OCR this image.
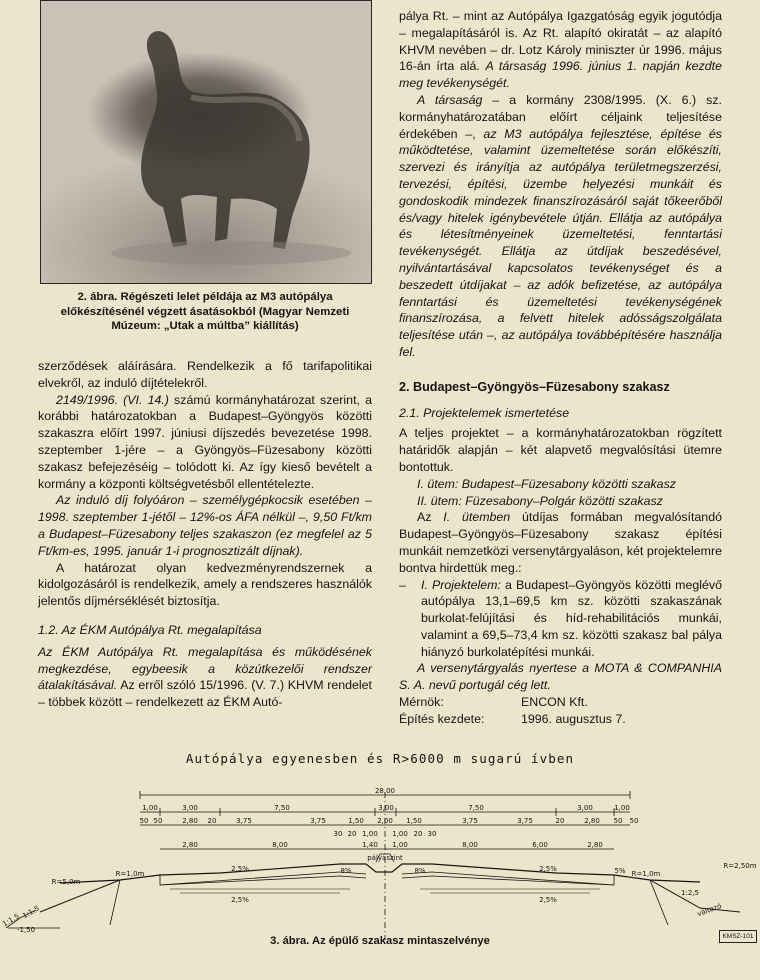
2. ábra. Régészeti lelet példája az M3 autópálya előkészítésénél végzett ásatásokból (Magyar Nemzeti Múzeum: „Utak a múltba” kiállítás)

szerződések aláírására. Rendelkezik a fő tarifapolitikai elvekről, az induló díjtételekről.

2149/1996. (VI. 14.) számú kormányhatározat szerint, a korábbi határozatokban a Budapest–Gyöngyös közötti szakaszra előírt 1997. júniusi díjszedés bevezetése 1998. szeptember 1-jére – a Gyöngyös–Füzesabony közötti szakasz befejezéséig – tolódott ki. Az így kieső bevételt a kormány a központi költségvetésből ellentételezte.

Az induló díj folyóáron – személygépkocsik esetében – 1998. szeptember 1-jétől – 12%-os ÁFA nélkül –, 9,50 Ft/km a Budapest–Füzesabony teljes szakaszon (ez megfelel az 5 Ft/km-es, 1995. január 1-i prognosztizált díjnak).

A határozat olyan kedvezményrendszernek a kidolgozásáról is rendelkezik, amely a rendszeres használók jelentős díjmérséklését biztosítja.

1.2. Az ÉKM Autópálya Rt. megalapítása

Az ÉKM Autópálya Rt. megalapítása és működésének megkezdése, egybeesik a közútkezelői rendszer átalakításával. Az erről szóló 15/1996. (V. 7.) KHVM rendelet – többek között – rendelkezett az ÉKM Autó-

pálya Rt. – mint az Autópálya Igazgatóság egyik jogutódja – megalapításáról is. Az Rt. alapító okiratát – az alapító KHVM nevében – dr. Lotz Károly miniszter úr 1996. május 16-án írta alá. A társaság 1996. június 1. napján kezdte meg tevékenységét.

A társaság – a kormány 2308/1995. (X. 6.) sz. kormányhatározatában előírt céljaink teljesítése érdekében –, az M3 autópálya fejlesztése, építése és működtetése, valamint üzemeltetése során előkészíti, szervezi és irányítja az autópálya területmegszerzési, tervezési, építési, üzembe helyezési munkáit és gondoskodik mindezek finanszírozásáról saját tőkeerőből és/vagy hitelek igénybevétele útján. Ellátja az autópálya és létesítményeinek üzemeltetési, fenntartási tevékenységét. Ellátja az útdíjak beszedésével, nyilvántartásával kapcsolatos tevékenységet és a beszedett útdíjakat – az adók befizetése, az autópálya fenntartási és üzemeltetési tevékenységének finanszírozása, a felvett hitelek adósságszolgálata teljesítése után –, az autópálya továbbépítésére használja fel.

2. Budapest–Gyöngyös–Füzesabony szakasz
2.1. Projektelemek ismertetése

A teljes projektet – a kormányhatározatokban rögzített határidők alapján – két alapvető megvalósítási ütemre bontottuk.

I. ütem: Budapest–Füzesabony közötti szakasz

II. ütem: Füzesabony–Polgár közötti szakasz

Az I. ütemben útdíjas formában megvalósítandó Budapest–Gyöngyös–Füzesabony szakasz építési munkáit nemzetközi versenytárgyaláson, két projektelemre bontva hirdettük meg.:

– I. Projektelem: a Budapest–Gyöngyös közötti meglévő autópálya 13,1–69,5 km sz. közötti szakaszának burkolat-felújítási és híd-rehabilitációs munkái, valamint a 69,5–73,4 km sz. közötti szakasz bal pálya hiányzó burkolatépítési munkái.

A versenytárgyalás nyertese a MOTA & COMPANHIA S. A. nevű portugál cég lett.

Mérnök:	ENCON Kft.
Építés kezdete:	1996. augusztus 7.
Autópálya egyenesben és R>6000 m sugarú ívben
28,00
1,00	3,00	7,50	3,00	7,50	3,00	1,00
50 50	2,80 20	3,75	3,75	1,50 2,00 1,50	3,75	3,75	20	2,80 50 50
30 20 1,00 1,00 20 30
2,80	8,00	1,40 1,00	8,00	6,00	2,80
pályaszint
2,5%
2,5%
8%	8%	2,5%	5%
2,5%
1:2,5
R=1,0m
R=5,0m
R=1,0m
R=2,50m
1:1,5
1:1,5
-1,50
változó
3. ábra. Az épülő szakasz mintaszelvénye	KMSZ-101
